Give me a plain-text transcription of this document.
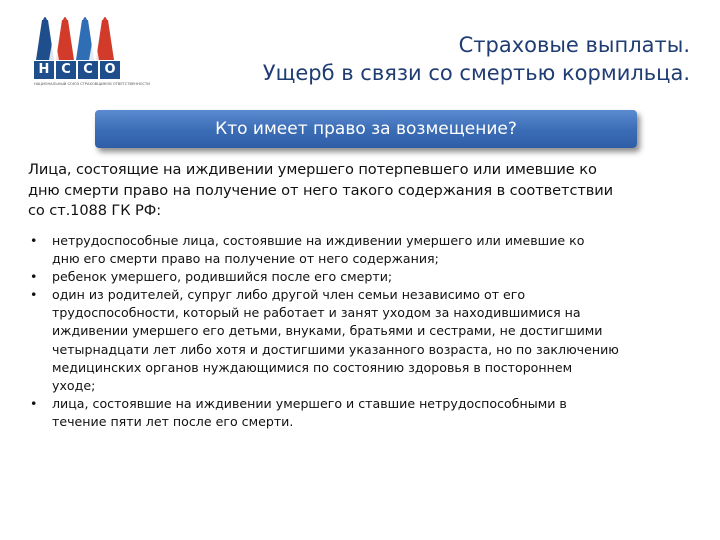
Н С С О
НАЦИОНАЛЬНЫЙ СОЮЗ СТРАХОВЩИКОВ ОТВЕТСТВЕННОСТИ
Страховые выплаты.
Ущерб в связи со смертью кормильца.
Кто имеет право за возмещение?
Лица, состоящие на иждивении умершего потерпевшего или имевшие ко
дню смерти право на получение от него такого содержания в соответствии
со ст.1088 ГК РФ:
• нетрудоспособные лица, состоявшие на иждивении умершего или имевшие ко
дню его смерти право на получение от него содержания;
• ребенок умершего, родившийся после его смерти;
• один из родителей, супруг либо другой член семьи независимо от его
трудоспособности, который не работает и занят уходом за находившимися на
иждивении умершего его детьми, внуками, братьями и сестрами, не достигшими
четырнадцати лет либо хотя и достигшими указанного возраста, но по заключению
медицинских органов нуждающимися по состоянию здоровья в постороннем
уходе;
• лица, состоявшие на иждивении умершего и ставшие нетрудоспособными в
течение пяти лет после его смерти.
